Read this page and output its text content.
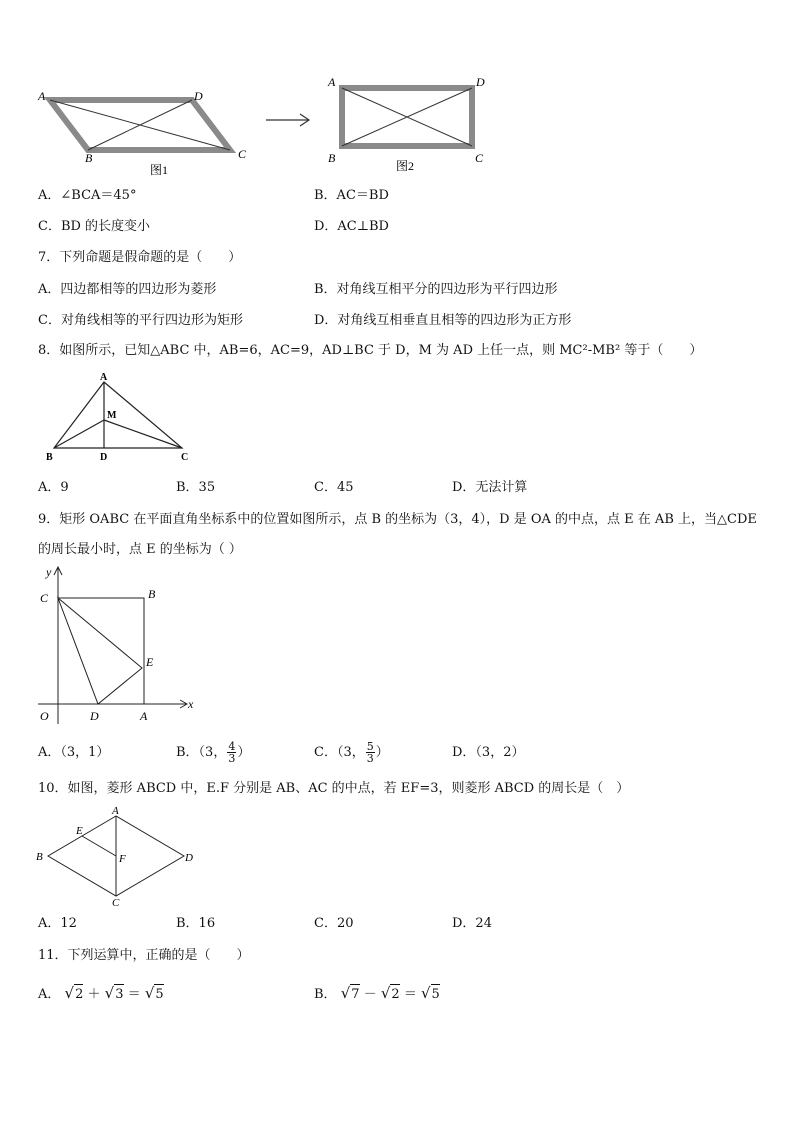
A	D
B	C
图1
A	D
B	C
图2
A．∠BCA＝45°	B．AC＝BD
C．BD 的长度变小	D．AC⊥BD
7．下列命题是假命题的是（　　）
A．四边都相等的四边形为菱形	B．对角线互相平分的四边形为平行四边形
C．对角线相等的平行四边形为矩形	D．对角线互相垂直且相等的四边形为正方形
8．如图所示，已知△ABC 中，AB=6，AC=9，AD⊥BC 于 D，M 为 AD 上任一点，则 MC²-MB² 等于（　　）
A
M
B	D	C
A．9	B．35	C．45	D．无法计算
9．矩形 OABC 在平面直角坐标系中的位置如图所示，点 B 的坐标为（3，4），D 是 OA 的中点，点 E 在 AB 上，当△CDE
的周长最小时，点 E 的坐标为（ ）
y
x
C	B
E
O	D	A
A．（3，1）	B．（3， $\frac{4}{3}$ ）	C．（3， $\frac{5}{3}$ ）	D．（3，2）
10．如图，菱形 ABCD 中，E.F 分别是 AB、AC 的中点，若 EF=3，则菱形 ABCD 的周长是（　）
A
E
B	F	D
C
A．12	B．16	C．20	D．24
11．下列运算中，正确的是（　　）
A． √2 ＋ √3 ＝ √5	B． √7 － √2 ＝ √5
